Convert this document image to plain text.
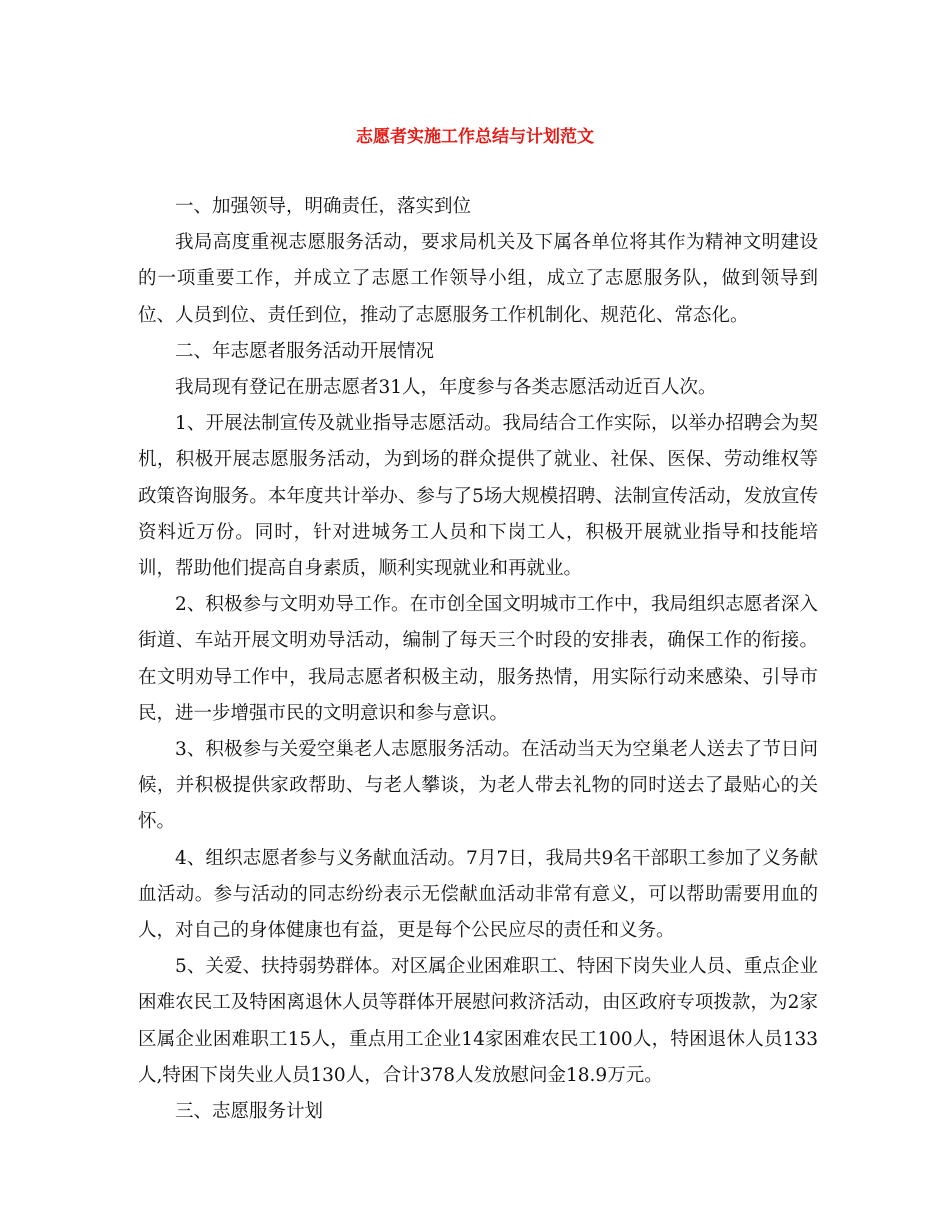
志愿者实施工作总结与计划范文

一、加强领导，明确责任，落实到位

我局高度重视志愿服务活动，要求局机关及下属各单位将其作为精神文明建设的一项重要工作，并成立了志愿工作领导小组，成立了志愿服务队，做到领导到位、人员到位、责任到位，推动了志愿服务工作机制化、规范化、常态化。

二、年志愿者服务活动开展情况

我局现有登记在册志愿者31人，年度参与各类志愿活动近百人次。

1、开展法制宣传及就业指导志愿活动。我局结合工作实际，以举办招聘会为契机，积极开展志愿服务活动，为到场的群众提供了就业、社保、医保、劳动维权等政策咨询服务。本年度共计举办、参与了5场大规模招聘、法制宣传活动，发放宣传资料近万份。同时，针对进城务工人员和下岗工人，积极开展就业指导和技能培训，帮助他们提高自身素质，顺利实现就业和再就业。

2、积极参与文明劝导工作。在市创全国文明城市工作中，我局组织志愿者深入街道、车站开展文明劝导活动，编制了每天三个时段的安排表，确保工作的衔接。在文明劝导工作中，我局志愿者积极主动，服务热情，用实际行动来感染、引导市民，进一步增强市民的文明意识和参与意识。

3、积极参与关爱空巢老人志愿服务活动。在活动当天为空巢老人送去了节日问候，并积极提供家政帮助、与老人攀谈，为老人带去礼物的同时送去了最贴心的关怀。

4、组织志愿者参与义务献血活动。7月7日，我局共9名干部职工参加了义务献血活动。参与活动的同志纷纷表示无偿献血活动非常有意义，可以帮助需要用血的人，对自己的身体健康也有益，更是每个公民应尽的责任和义务。

5、关爱、扶持弱势群体。对区属企业困难职工、特困下岗失业人员、重点企业困难农民工及特困离退休人员等群体开展慰问救济活动，由区政府专项拨款，为2家区属企业困难职工15人，重点用工企业14家困难农民工100人，特困退休人员133人,特困下岗失业人员130人，合计378人发放慰问金18.9万元。

三、志愿服务计划
